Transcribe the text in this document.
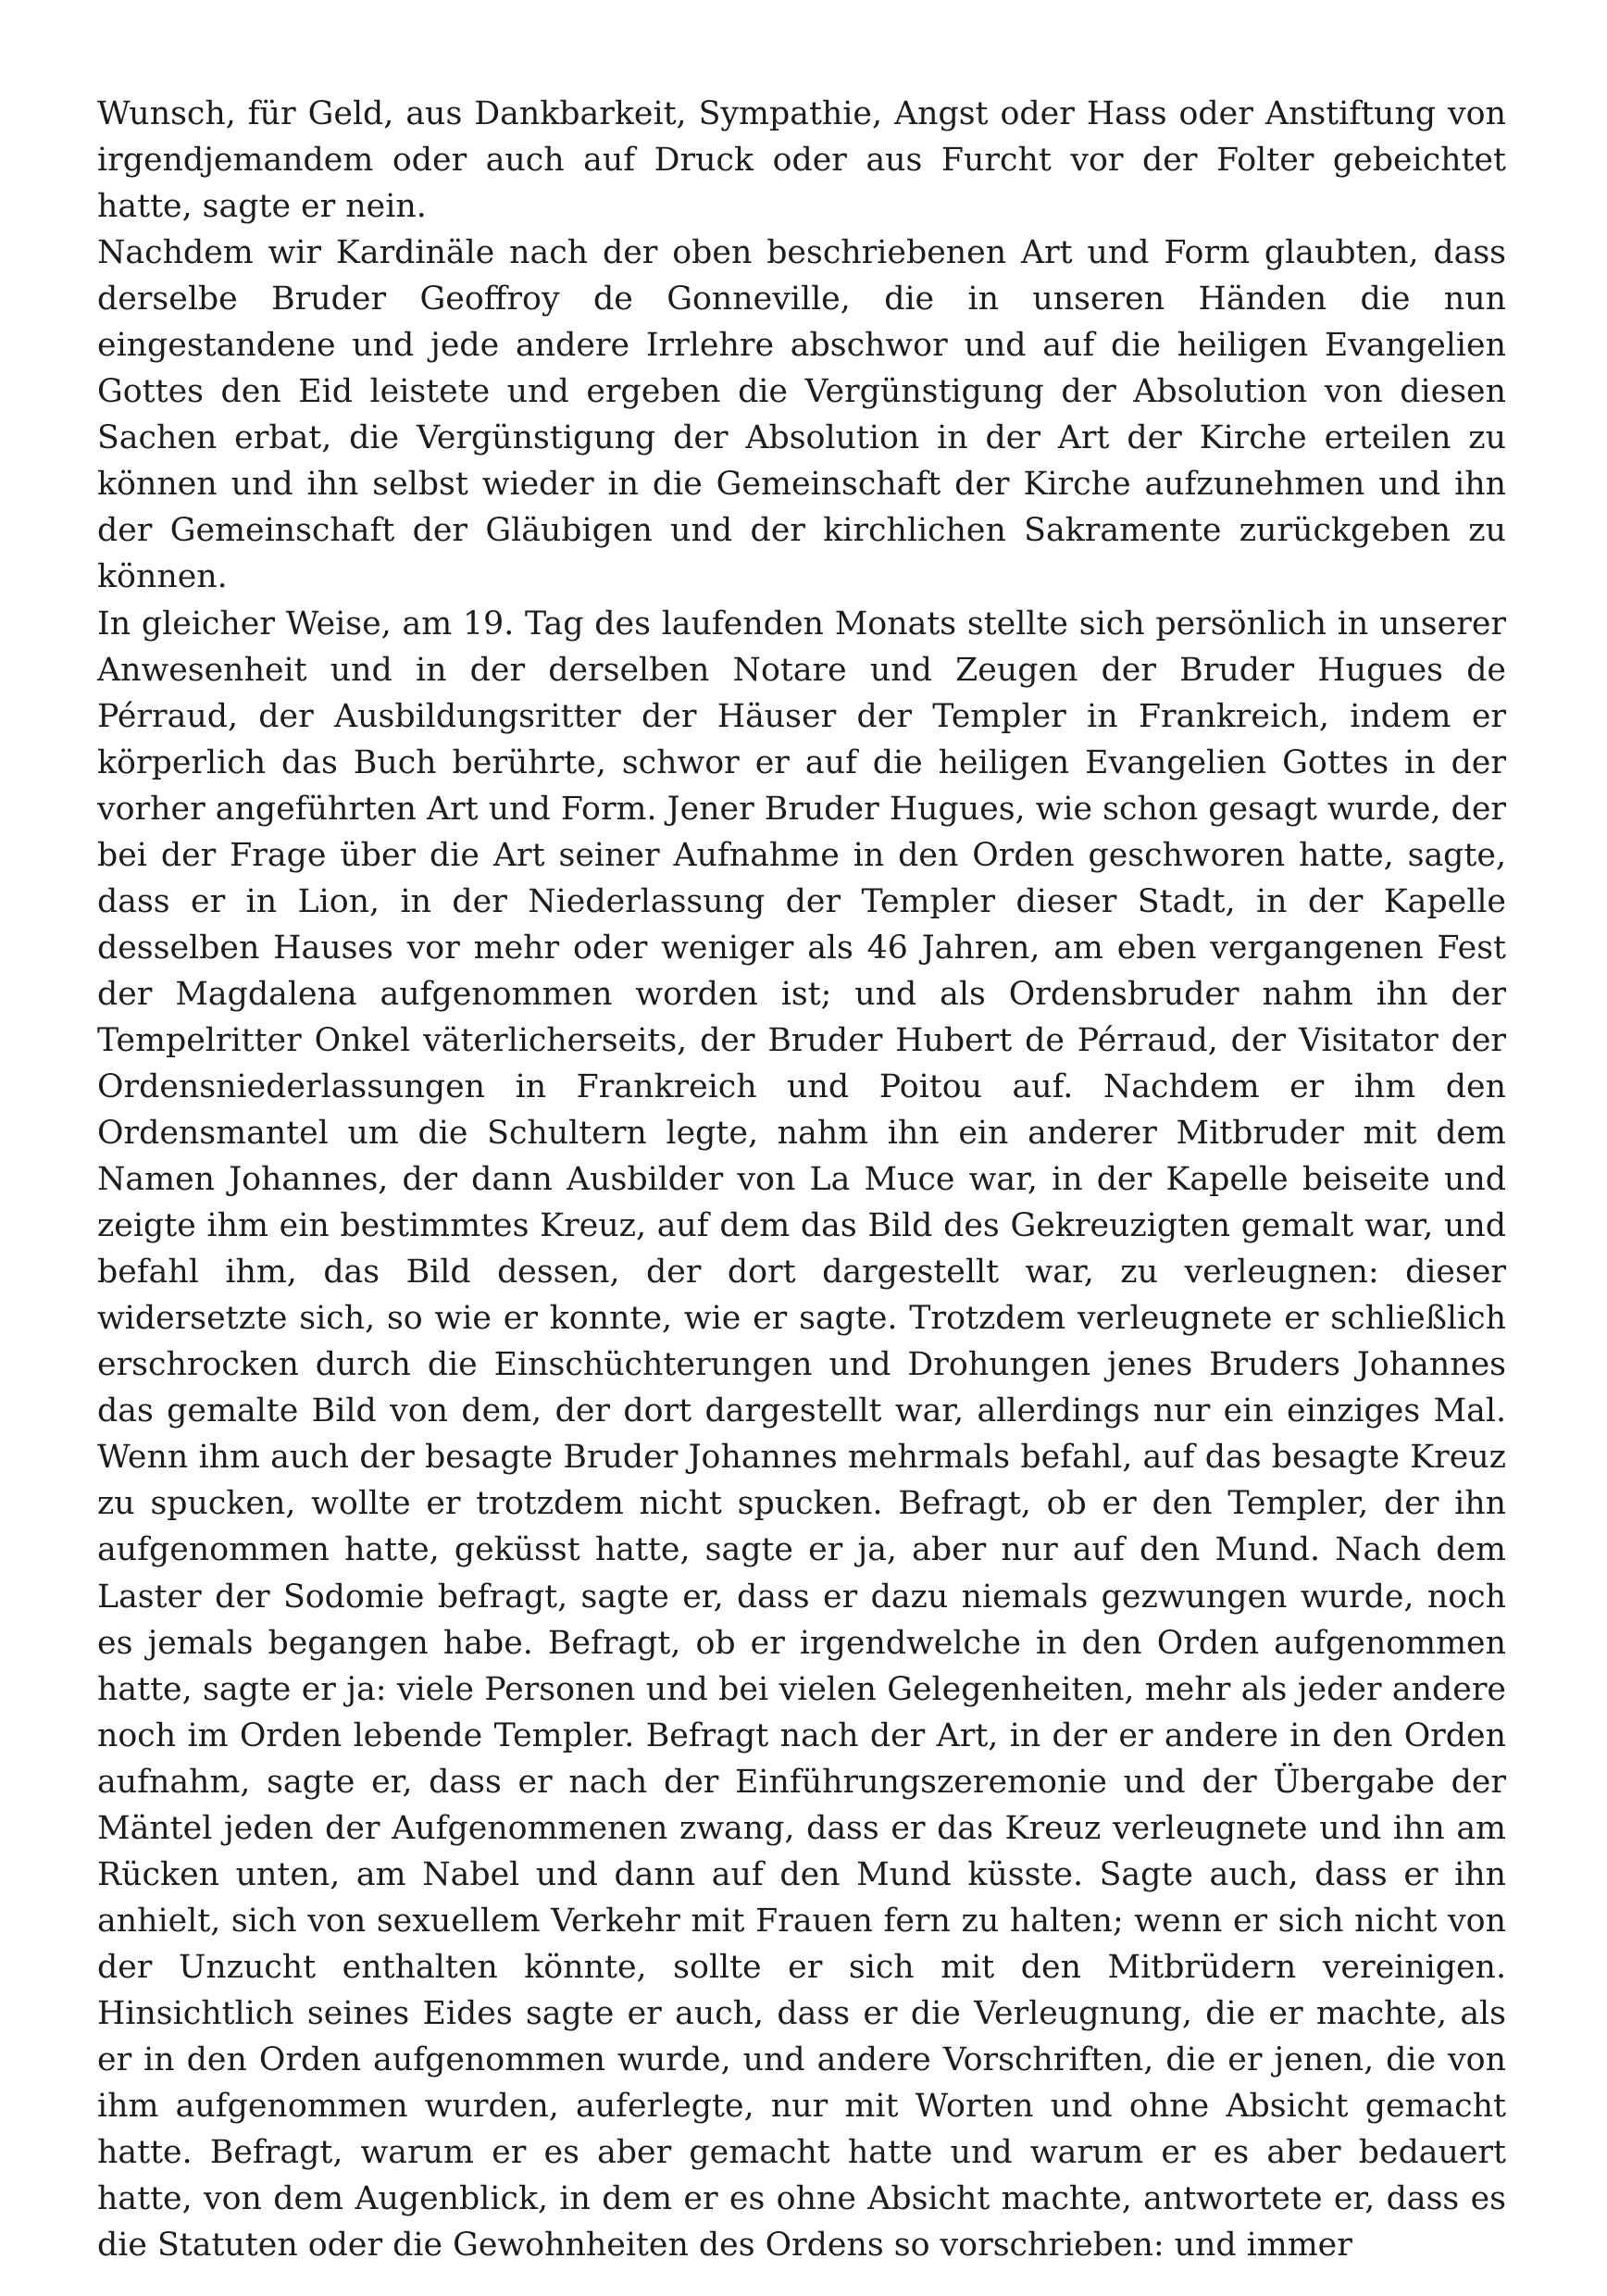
Wunsch, für Geld, aus Dankbarkeit, Sympathie, Angst oder Hass oder Anstiftung von irgendjemandem oder auch auf Druck oder aus Furcht vor der Folter gebeichtet hatte, sagte er nein.

Nachdem wir Kardinäle nach der oben beschriebenen Art und Form glaubten, dass derselbe Bruder Geoffroy de Gonneville, die in unseren Händen die nun eingestandene und jede andere Irrlehre abschwor und auf die heiligen Evangelien Gottes den Eid leistete und ergeben die Vergünstigung der Absolution von diesen Sachen erbat, die Vergünstigung der Absolution in der Art der Kirche erteilen zu können und ihn selbst wieder in die Gemeinschaft der Kirche aufzunehmen und ihn der Gemeinschaft der Gläubigen und der kirchlichen Sakramente zurückgeben zu können.

In gleicher Weise, am 19. Tag des laufenden Monats stellte sich persönlich in unserer Anwesenheit und in der derselben Notare und Zeugen der Bruder Hugues de Pérraud, der Ausbildungsritter der Häuser der Templer in Frankreich, indem er körperlich das Buch berührte, schwor er auf die heiligen Evangelien Gottes in der vorher angeführten Art und Form. Jener Bruder Hugues, wie schon gesagt wurde, der bei der Frage über die Art seiner Aufnahme in den Orden geschworen hatte, sagte, dass er in Lion, in der Niederlassung der Templer dieser Stadt, in der Kapelle desselben Hauses vor mehr oder weniger als 46 Jahren, am eben vergangenen Fest der Magdalena aufgenommen worden ist; und als Ordensbruder nahm ihn der Tempelritter Onkel väterlicherseits, der Bruder Hubert de Pérraud, der Visitator der Ordensniederlassungen in Frankreich und Poitou auf. Nachdem er ihm den Ordensmantel um die Schultern legte, nahm ihn ein anderer Mitbruder mit dem Namen Johannes, der dann Ausbilder von La Muce war, in der Kapelle beiseite und zeigte ihm ein bestimmtes Kreuz, auf dem das Bild des Gekreuzigten gemalt war, und befahl ihm, das Bild dessen, der dort dargestellt war, zu verleugnen: dieser widersetzte sich, so wie er konnte, wie er sagte. Trotzdem verleugnete er schließlich erschrocken durch die Einschüchterungen und Drohungen jenes Bruders Johannes das gemalte Bild von dem, der dort dargestellt war, allerdings nur ein einziges Mal. Wenn ihm auch der besagte Bruder Johannes mehrmals befahl, auf das besagte Kreuz zu spucken, wollte er trotzdem nicht spucken. Befragt, ob er den Templer, der ihn aufgenommen hatte, geküsst hatte, sagte er ja, aber nur auf den Mund. Nach dem Laster der Sodomie befragt, sagte er, dass er dazu niemals gezwungen wurde, noch es jemals begangen habe. Befragt, ob er irgendwelche in den Orden aufgenommen hatte, sagte er ja: viele Personen und bei vielen Gelegenheiten, mehr als jeder andere noch im Orden lebende Templer. Befragt nach der Art, in der er andere in den Orden aufnahm, sagte er, dass er nach der Einführungszeremonie und der Übergabe der Mäntel jeden der Aufgenommenen zwang, dass er das Kreuz verleugnete und ihn am Rücken unten, am Nabel und dann auf den Mund küsste. Sagte auch, dass er ihn anhielt, sich von sexuellem Verkehr mit Frauen fern zu halten; wenn er sich nicht von der Unzucht enthalten könnte, sollte er sich mit den Mitbrüdern vereinigen. Hinsichtlich seines Eides sagte er auch, dass er die Verleugnung, die er machte, als er in den Orden aufgenommen wurde, und andere Vorschriften, die er jenen, die von ihm aufgenommen wurden, auferlegte, nur mit Worten und ohne Absicht gemacht hatte. Befragt, warum er es aber gemacht hatte und warum er es aber bedauert hatte, von dem Augenblick, in dem er es ohne Absicht machte, antwortete er, dass es die Statuten oder die Gewohnheiten des Ordens so vorschrieben: und immer
